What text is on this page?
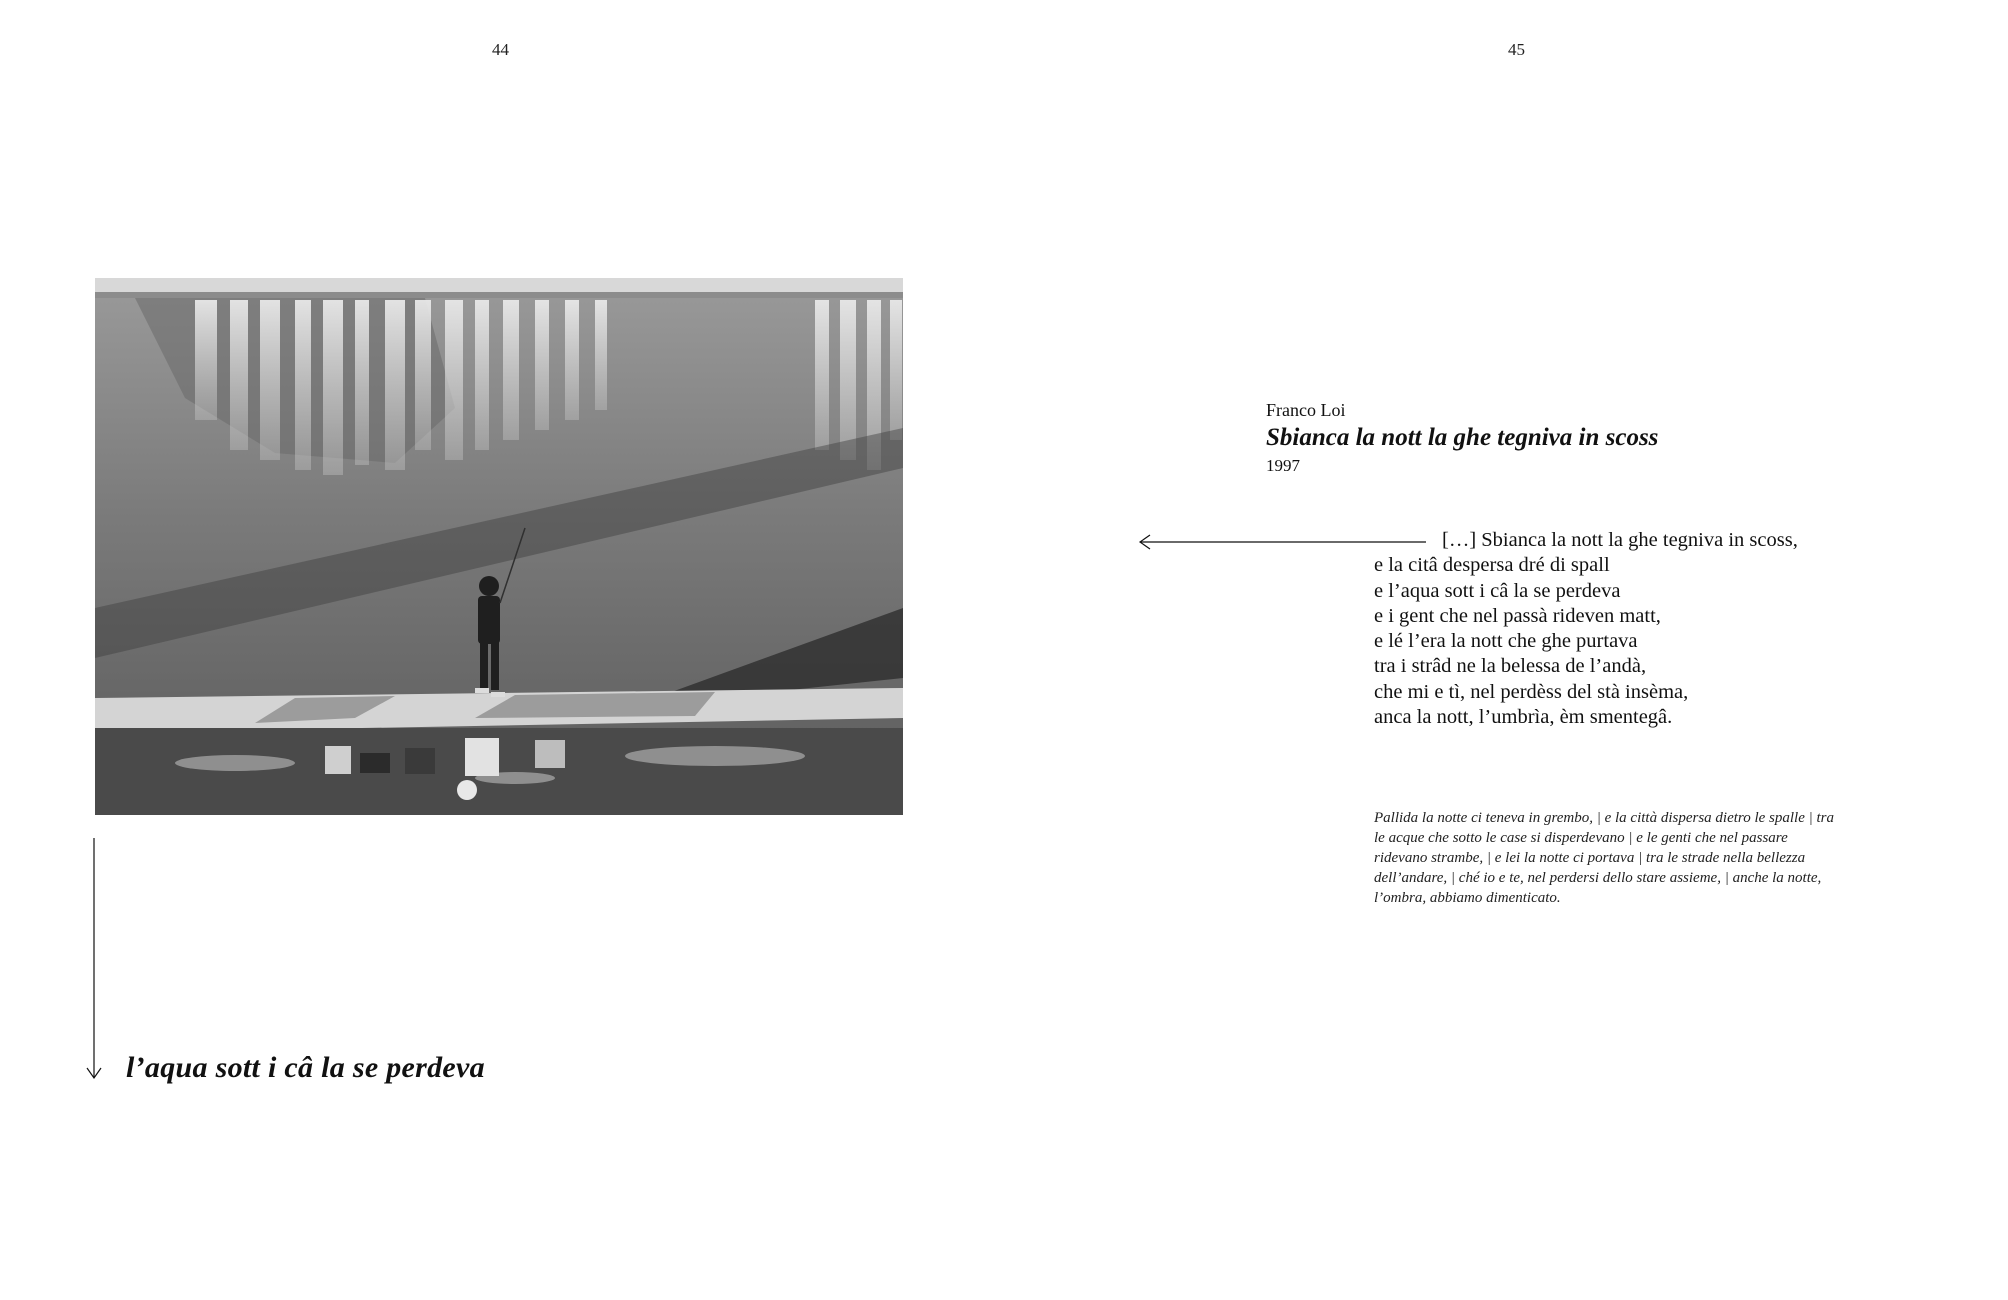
44
l’aqua sott i câ la se perdeva
45
Franco Loi
Sbianca la nott la ghe tegniva in scoss
1997
[…] Sbianca la nott la ghe tegniva in scoss,
e la citâ despersa dré di spall
e l’aqua sott i câ la se perdeva
e i gent che nel passà rideven matt,
e lé l’era la nott che ghe purtava
tra i strâd ne la belessa de l’andà,
che mi e tì, nel perdèss del stà insèma,
anca la nott, l’umbrìa, èm smentegâ.
Pallida la notte ci teneva in grembo, | e la città dispersa dietro le spalle | tra le acque che sotto le case si disperdevano | e le genti che nel passare ridevano strambe, | e lei la notte ci portava | tra le strade nella bellezza dell’andare, | ché io e te, nel perdersi dello stare assieme, | anche la notte, l’ombra, abbiamo dimenticato.
